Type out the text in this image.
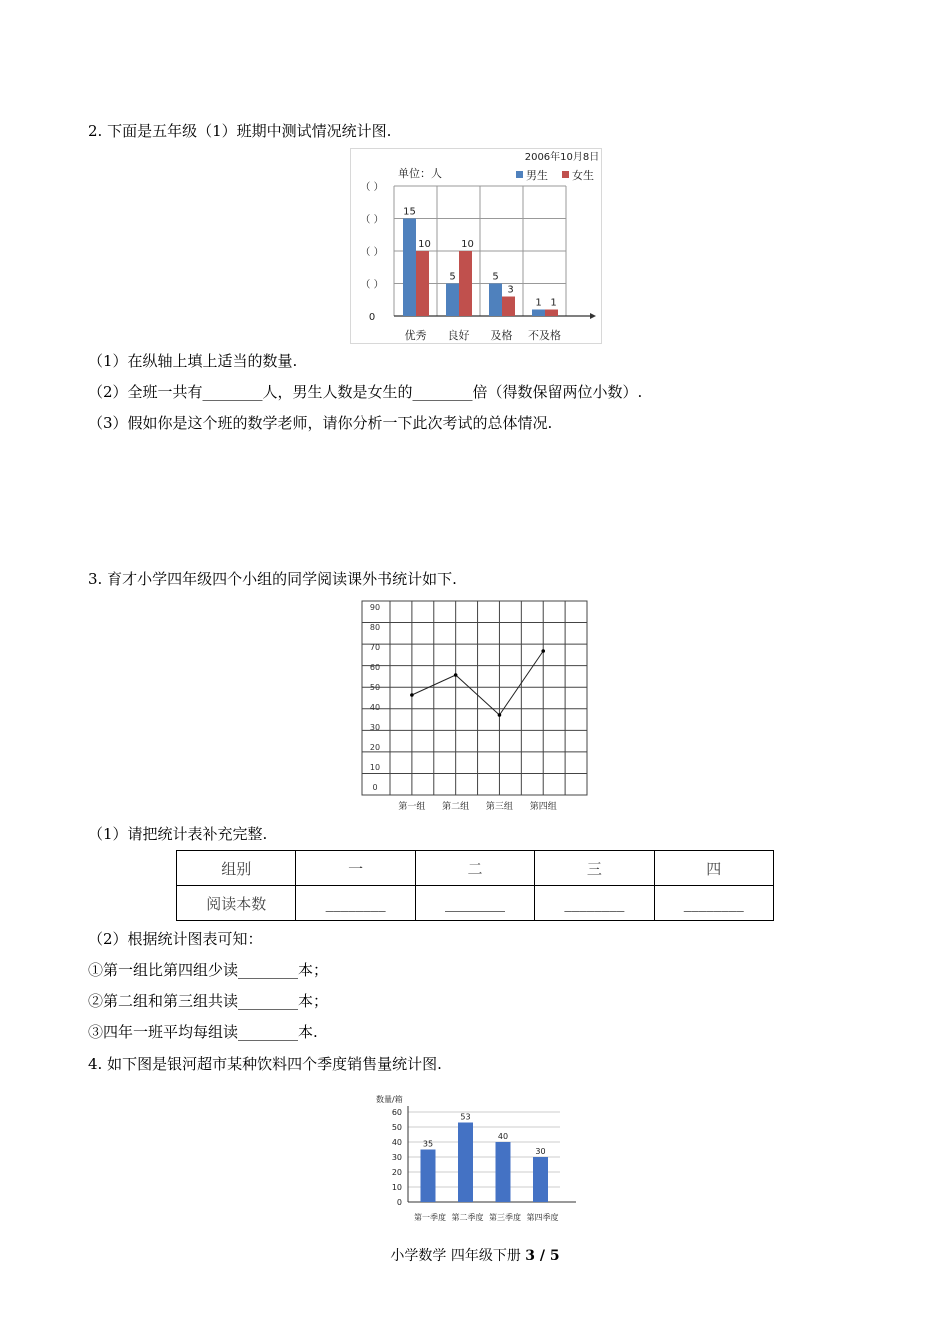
2. 下面是五年级（1）班期中测试情况统计图.
0
（ ）
（ ）
（ ）
（ ）
2006年10月8日
单位：人	男生 女生
15
10
优秀
5
10
良好
5
3
及格
1 1
不及格
（1）在纵轴上填上适当的数量.
（2）全班一共有________人，男生人数是女生的________倍（得数保留两位小数）.
（3）假如你是这个班的数学老师，请你分析一下此次考试的总体情况.
3. 育才小学四年级四个小组的同学阅读课外书统计如下.
0
10
20
30
40
50
60
70
80
90
第一组 第二组 第三组 第四组
（1）请把统计表补充完整.
组别	一	二	三	四
阅读本数	________	________	________	________
（2）根据统计图表可知：
①第一组比第四组少读________本；
②第二组和第三组共读________本；
③四年一班平均每组读________本.
4. 如下图是银河超市某种饮料四个季度销售量统计图.
数量/箱
0
10
20
30
40
50
60
35
第一季度
53
第二季度
40
第三季度
30
第四季度
小学数学 四年级下册 3 / 5
